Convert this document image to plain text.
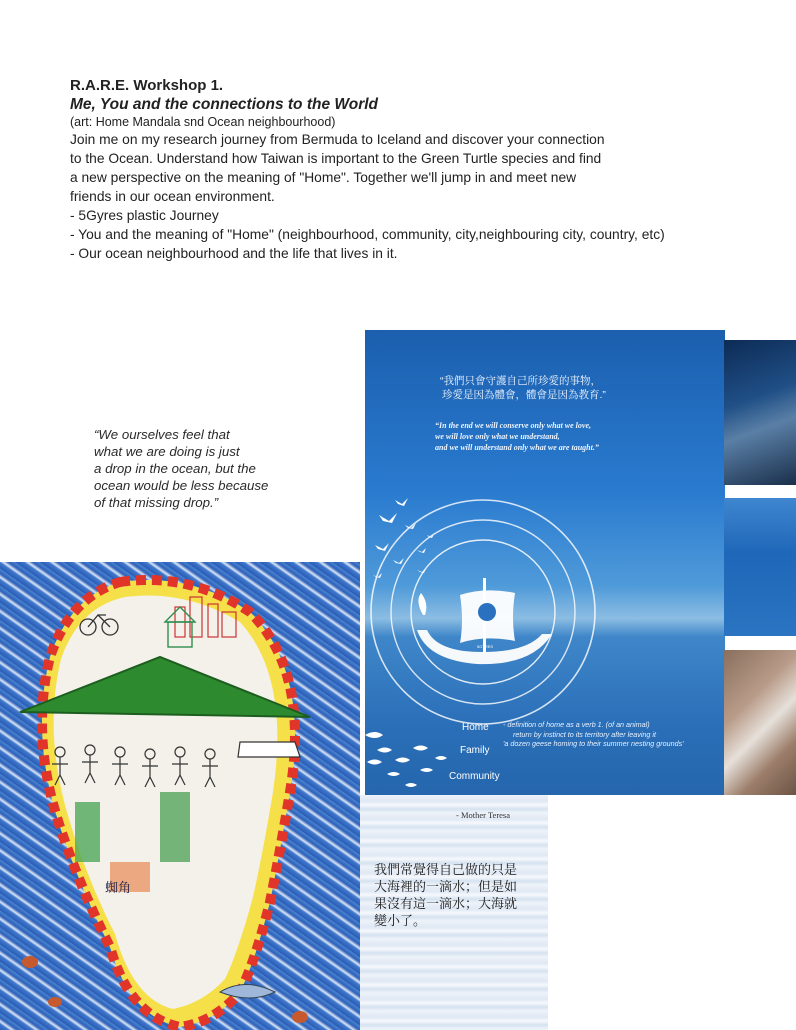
R.A.R.E. Workshop 1.

Me, You and the connections to the World

(art: Home Mandala snd Ocean neighbourhood)

Join me on my research journey from Bermuda to Iceland and discover your connection

to the Ocean. Understand how Taiwan is important to the Green Turtle species and find

a new perspective on the meaning of "Home". Together we'll jump in and meet new

friends in our ocean environment.

- 5Gyres plastic Journey
- You and the meaning of "Home" (neighbourhood, community, city,neighbouring city, country, etc)
- Our ocean neighbourhood and the life that lives in it.
“We ourselves feel that
what we are doing is just
a drop in the ocean, but the
ocean would be less because
of that missing drop.”
“我們只會守護自己所珍愛的事物，
珍愛是因為體會，體會是因為教育.”
“In the end we will conserve only what we love,
we will love only what we understand,
and we will understand only what we are taught.”
5GYRES
Home
Family
Community
- definition of home as a verb 1. (of an animal)
return by instinct to its territory after leaving it
'a dozen geese homing to their summer nesting grounds'
- Mother Teresa
我們常覺得自己做的只是
大海裡的一滴水；但是如
果沒有這一滴水；大海就
變小了。
蜘角
